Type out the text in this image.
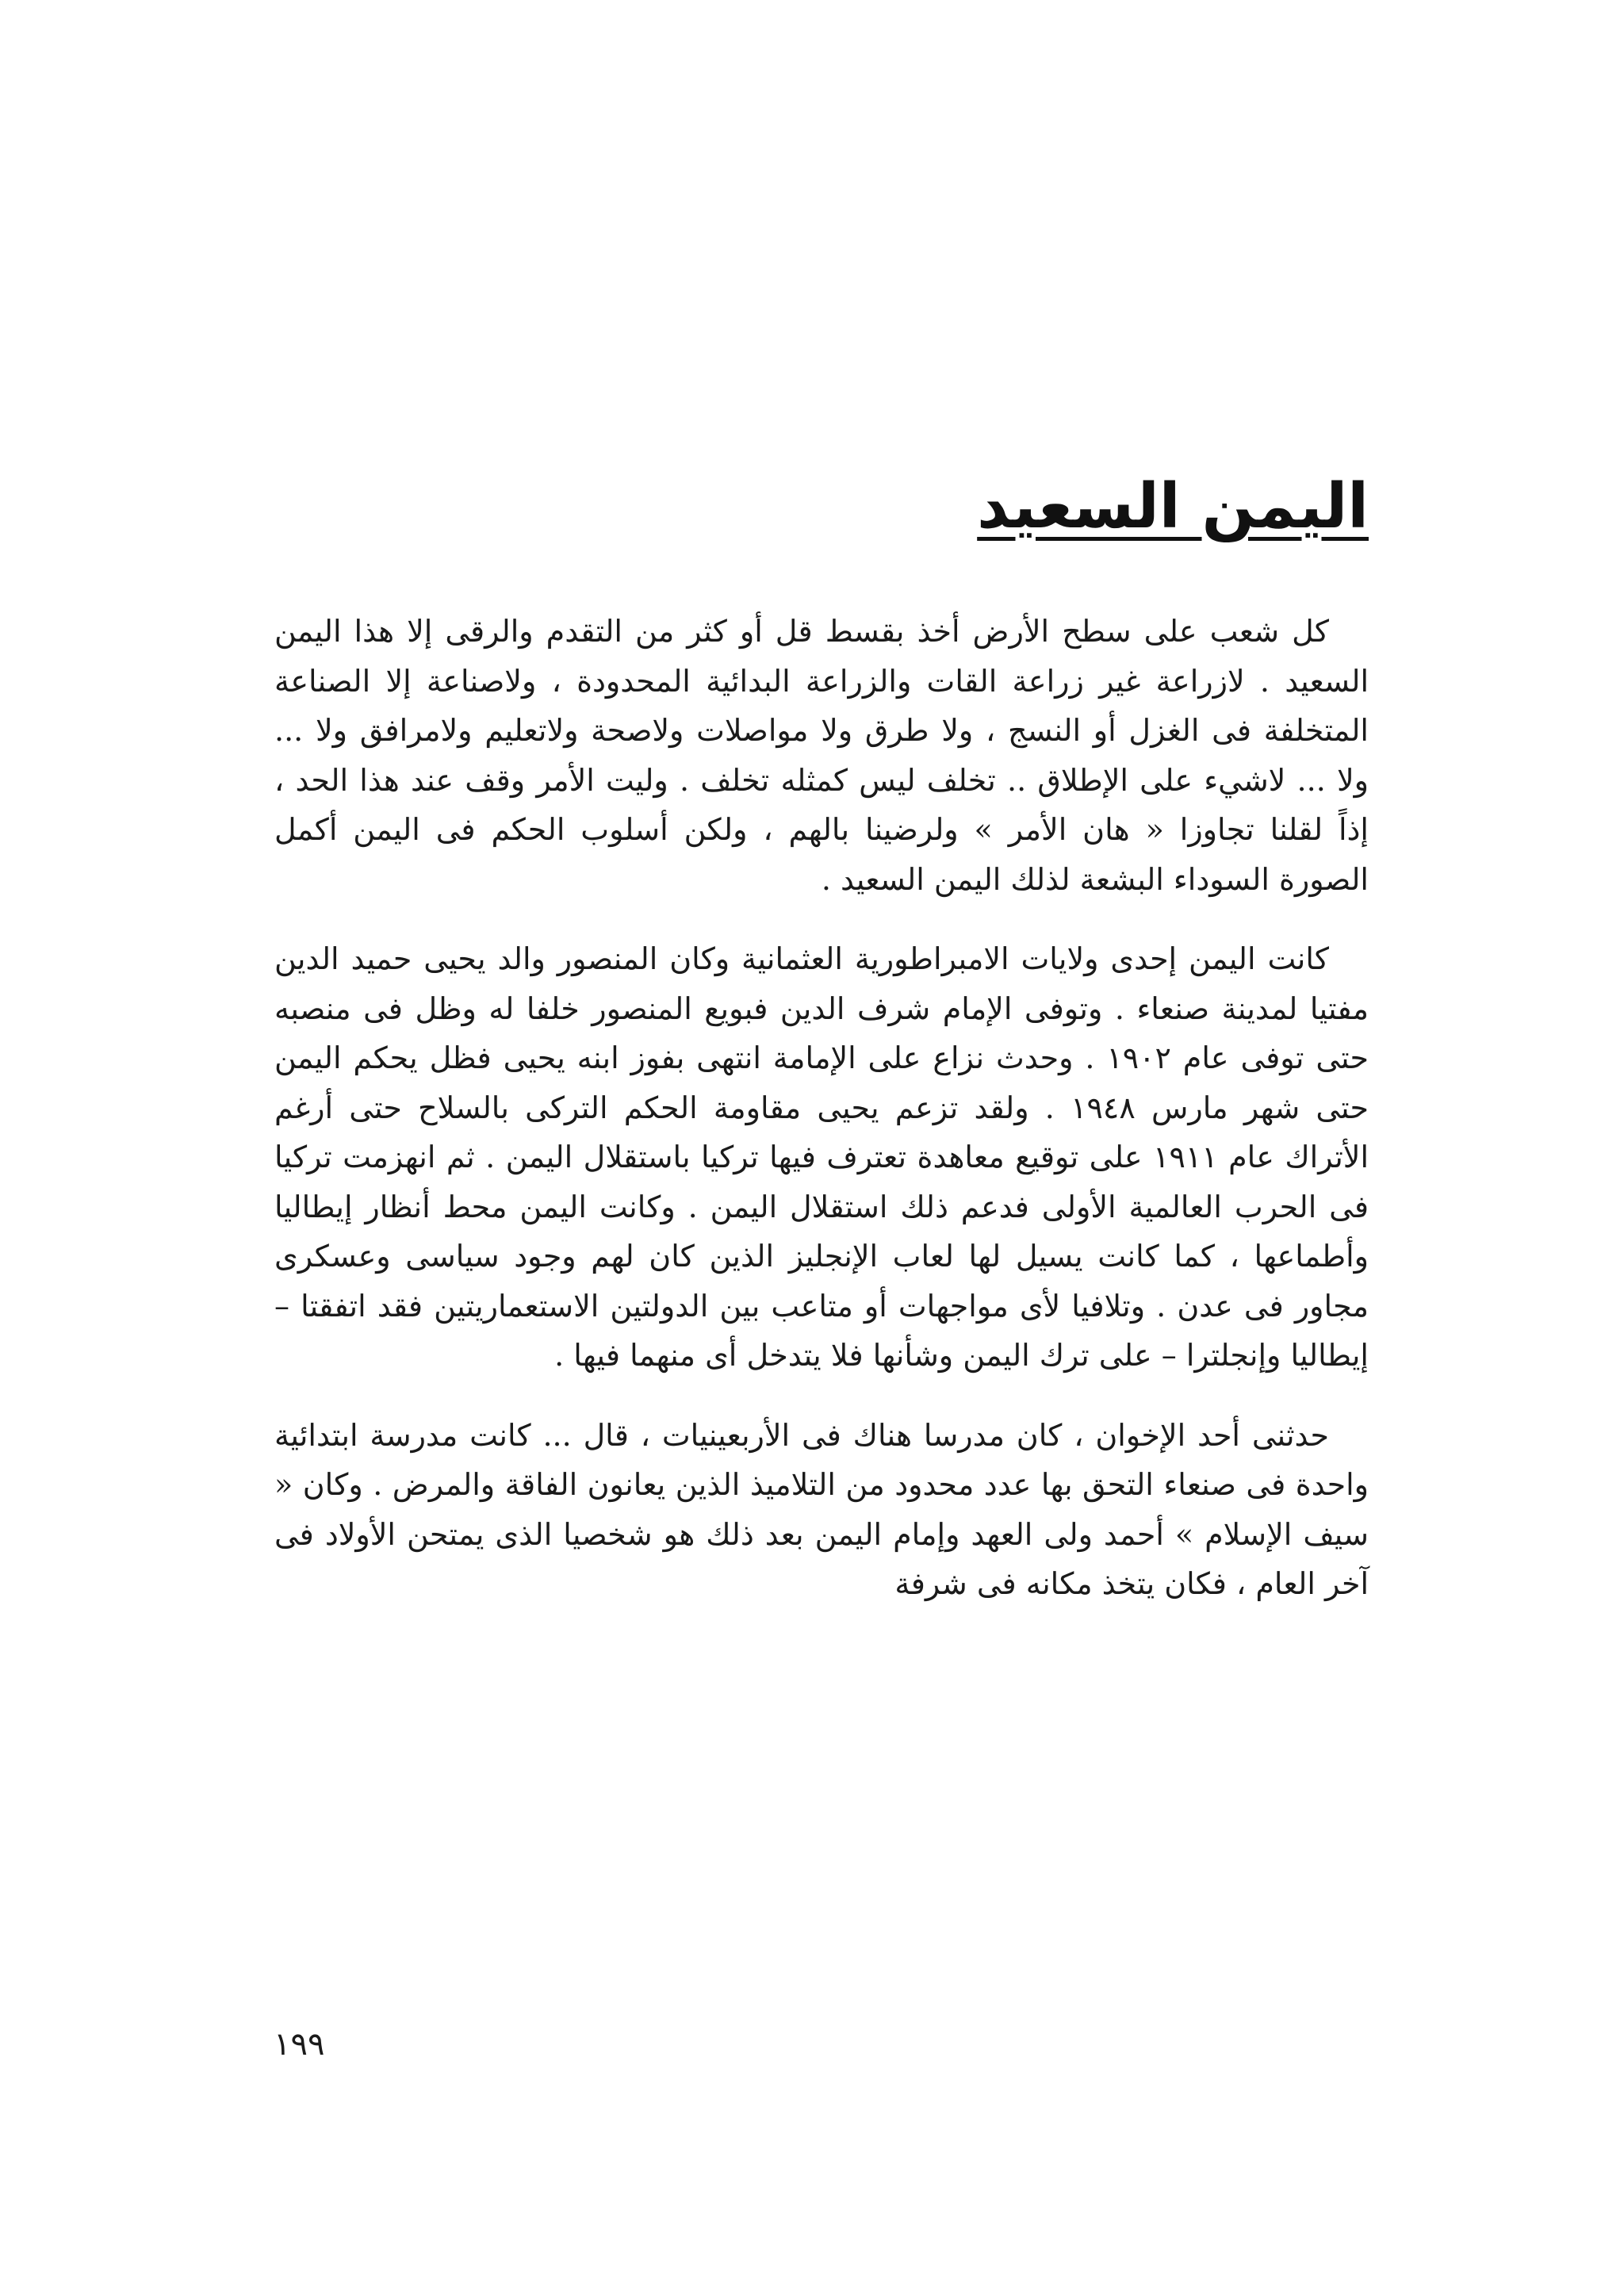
اليمن السعيد

كل شعب على سطح الأرض أخذ بقسط قل أو كثر من التقدم والرقى إلا هذا اليمن السعيد . لازراعة غير زراعة القات والزراعة البدائية المحدودة ، ولاصناعة إلا الصناعة المتخلفة فى الغزل أو النسج ، ولا طرق ولا مواصلات ولاصحة ولاتعليم ولامرافق ولا ... ولا ... لاشيء على الإطلاق .. تخلف ليس كمثله تخلف . وليت الأمر وقف عند هذا الحد ، إذاً لقلنا تجاوزا « هان الأمر » ولرضينا بالهم ، ولكن أسلوب الحكم فى اليمن أكمل الصورة السوداء البشعة لذلك اليمن السعيد .

كانت اليمن إحدى ولايات الامبراطورية العثمانية وكان المنصور والد يحيى حميد الدين مفتيا لمدينة صنعاء . وتوفى الإمام شرف الدين فبويع المنصور خلفا له وظل فى منصبه حتى توفى عام ١٩٠٢ . وحدث نزاع على الإمامة انتهى بفوز ابنه يحيى فظل يحكم اليمن حتى شهر مارس ١٩٤٨ . ولقد تزعم يحيى مقاومة الحكم التركى بالسلاح حتى أرغم الأتراك عام ١٩١١ على توقيع معاهدة تعترف فيها تركيا باستقلال اليمن . ثم انهزمت تركيا فى الحرب العالمية الأولى فدعم ذلك استقلال اليمن . وكانت اليمن محط أنظار إيطاليا وأطماعها ، كما كانت يسيل لها لعاب الإنجليز الذين كان لهم وجود سياسى وعسكرى مجاور فى عدن . وتلافيا لأى مواجهات أو متاعب بين الدولتين الاستعماريتين فقد اتفقتا – إيطاليا وإنجلترا – على ترك اليمن وشأنها فلا يتدخل أى منهما فيها .

حدثنى أحد الإخوان ، كان مدرسا هناك فى الأربعينيات ، قال ... كانت مدرسة ابتدائية واحدة فى صنعاء التحق بها عدد محدود من التلاميذ الذين يعانون الفاقة والمرض . وكان « سيف الإسلام » أحمد ولى العهد وإمام اليمن بعد ذلك هو شخصيا الذى يمتحن الأولاد فى آخر العام ، فكان يتخذ مكانه فى شرفة

١٩٩
